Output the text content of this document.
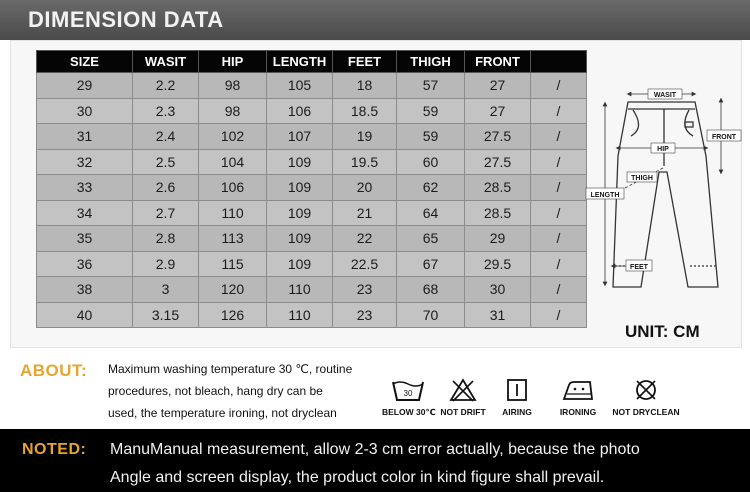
DIMENSION DATA
SIZE	WASIT	HIP	LENGTH	FEET	THIGH	FRONT	
29	2.2	98	105	18	57	27	/
30	2.3	98	106	18.5	59	27	/
31	2.4	102	107	19	59	27.5	/
32	2.5	104	109	19.5	60	27.5	/
33	2.6	106	109	20	62	28.5	/
34	2.7	110	109	21	64	28.5	/
35	2.8	113	109	22	65	29	/
36	2.9	115	109	22.5	67	29.5	/
38	3	120	110	23	68	30	/
40	3.15	126	110	23	70	31	/
WASIT
FRONT
HIP
THIGH
LENGTH
FEET
UNIT: CM
ABOUT: Maximum washing temperature 30 ℃, routine
procedures, not bleach, hang dry can be
used, the temperature ironing, not dryclean
30
BELOW 30℃ NOT DRIFT	AIRING	IRONING	NOT DRYCLEAN
NOTED: ManuManual measurement, allow 2-3 cm error actually, because the photo
Angle and screen display, the product color in kind figure shall prevail.
